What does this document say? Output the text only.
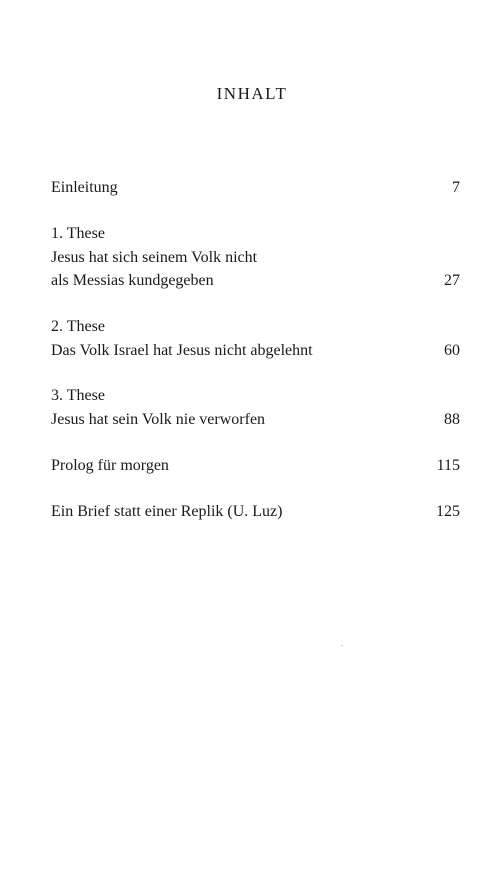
INHALT
Einleitung	7
1. These
Jesus hat sich seinem Volk nicht
als Messias kundgegeben	27
2. These
Das Volk Israel hat Jesus nicht abgelehnt	60
3. These
Jesus hat sein Volk nie verworfen	88
Prolog für morgen	115
Ein Brief statt einer Replik (U. Luz)	125
